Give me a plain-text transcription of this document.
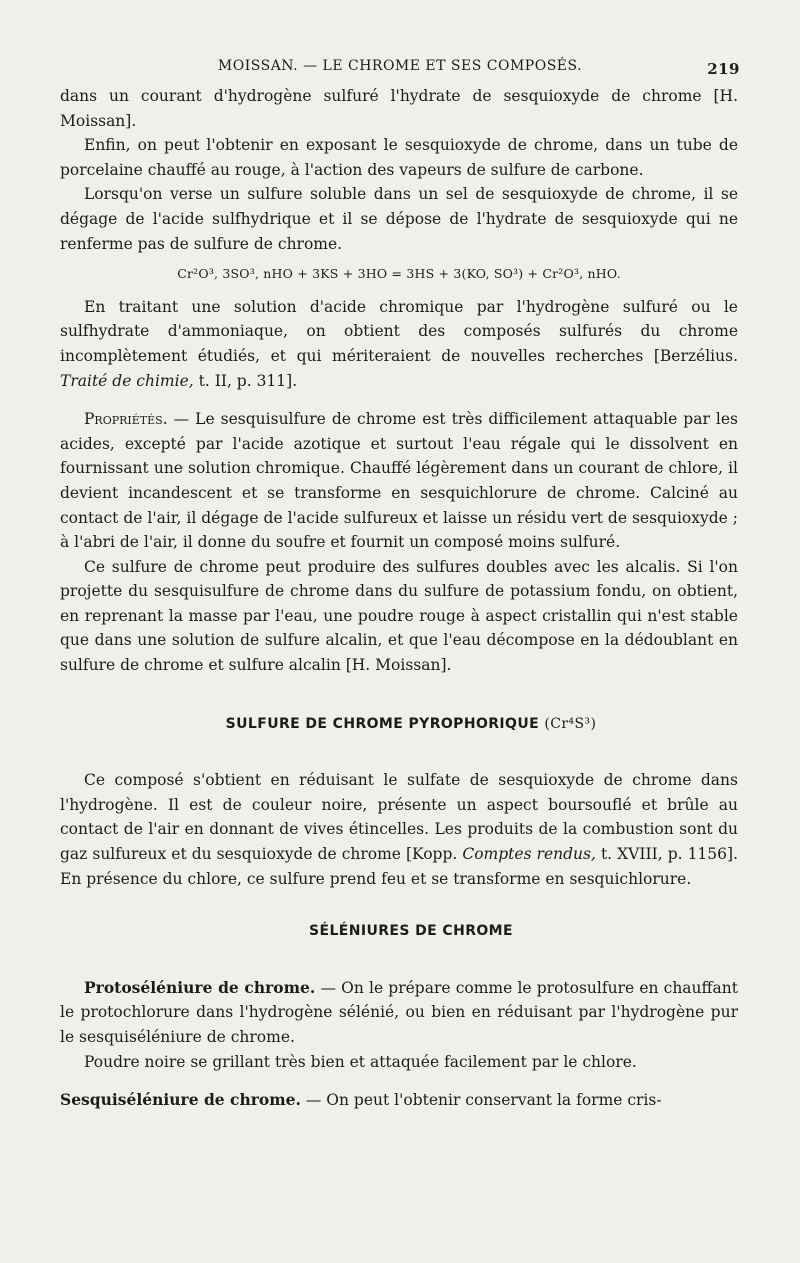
MOISSAN. — LE CHROME ET SES COMPOSÉS.	219

dans un courant d'hydrogène sulfuré l'hydrate de sesquioxyde de chrome [H. Moissan].

Enfin, on peut l'obtenir en exposant le sesquioxyde de chrome, dans un tube de porcelaine chauffé au rouge, à l'action des vapeurs de sulfure de carbone.

Lorsqu'on verse un sulfure soluble dans un sel de sesquioxyde de chrome, il se dégage de l'acide sulfhydrique et il se dépose de l'hydrate de sesquioxyde qui ne renferme pas de sulfure de chrome.

Cr²O³, 3SO³, nHO + 3KS + 3HO = 3HS + 3(KO, SO³) + Cr²O³, nHO.

En traitant une solution d'acide chromique par l'hydrogène sulfuré ou le sulfhydrate d'ammoniaque, on obtient des composés sulfurés du chrome incomplètement étudiés, et qui mériteraient de nouvelles recherches [Berzélius. Traité de chimie, t. II, p. 311].

Propriétés. — Le sesquisulfure de chrome est très difficilement attaquable par les acides, excepté par l'acide azotique et surtout l'eau régale qui le dissolvent en fournissant une solution chromique. Chauffé légèrement dans un courant de chlore, il devient incandescent et se transforme en sesquichlorure de chrome. Calciné au contact de l'air, il dégage de l'acide sulfureux et laisse un résidu vert de sesquioxyde ; à l'abri de l'air, il donne du soufre et fournit un composé moins sulfuré.

Ce sulfure de chrome peut produire des sulfures doubles avec les alcalis. Si l'on projette du sesquisulfure de chrome dans du sulfure de potassium fondu, on obtient, en reprenant la masse par l'eau, une poudre rouge à aspect cristallin qui n'est stable que dans une solution de sulfure alcalin, et que l'eau décompose en la dédoublant en sulfure de chrome et sulfure alcalin [H. Moissan].

SULFURE DE CHROME PYROPHORIQUE (Cr⁴S³)

Ce composé s'obtient en réduisant le sulfate de sesquioxyde de chrome dans l'hydrogène. Il est de couleur noire, présente un aspect boursouflé et brûle au contact de l'air en donnant de vives étincelles. Les produits de la combustion sont du gaz sulfureux et du sesquioxyde de chrome [Kopp. Comptes rendus, t. XVIII, p. 1156]. En présence du chlore, ce sulfure prend feu et se transforme en sesquichlorure.

SÉLÉNIURES DE CHROME

Protoséléniure de chrome. — On le prépare comme le protosulfure en chauffant le protochlorure dans l'hydrogène sélénié, ou bien en réduisant par l'hydrogène pur le sesquiséléniure de chrome.

Poudre noire se grillant très bien et attaquée facilement par le chlore.

Sesquiséléniure de chrome. — On peut l'obtenir conservant la forme cris-
